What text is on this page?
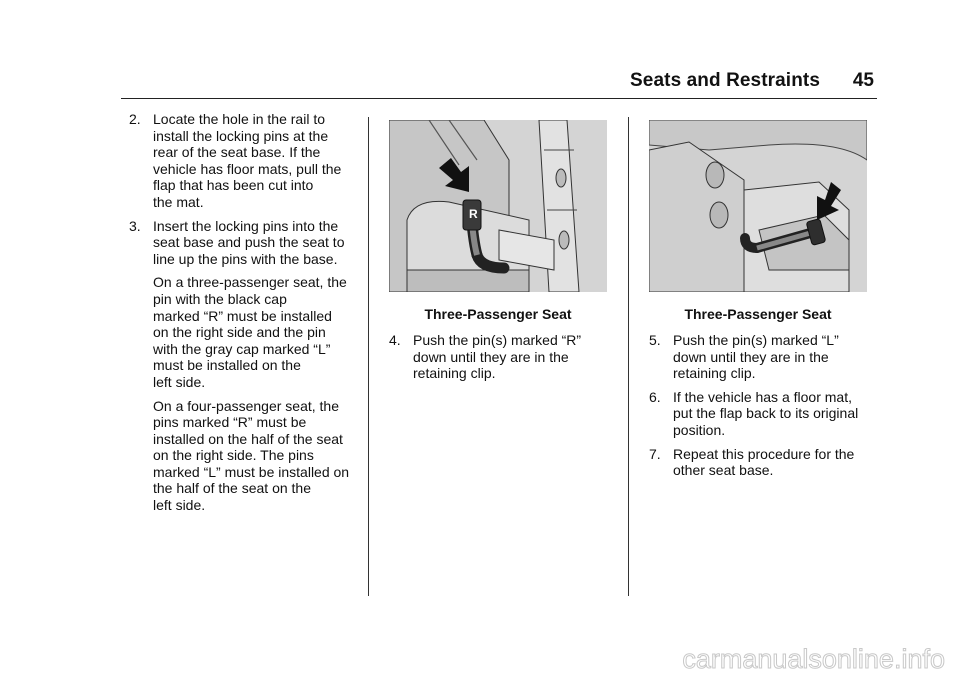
Seats and Restraints	45
2. Locate the hole in the rail to

install the locking pins at the

rear of the seat base. If the

vehicle has floor mats, pull the

flap that has been cut into

the mat.

3. Insert the locking pins into the

seat base and push the seat to

line up the pins with the base.

On a three-passenger seat, the

pin with the black cap

marked “R” must be installed

on the right side and the pin

with the gray cap marked “L”

must be installed on the

left side.

On a four-passenger seat, the

pins marked “R” must be

installed on the half of the seat

on the right side. The pins

marked “L” must be installed on

the half of the seat on the

left side.

R
Three-Passenger Seat
4. Push the pin(s) marked “R”

down until they are in the

retaining clip.

Three-Passenger Seat
5. Push the pin(s) marked “L”

down until they are in the

retaining clip.

6. If the vehicle has a floor mat,

put the flap back to its original

position.

7. Repeat this procedure for the

other seat base.

carmanualsonline.info
